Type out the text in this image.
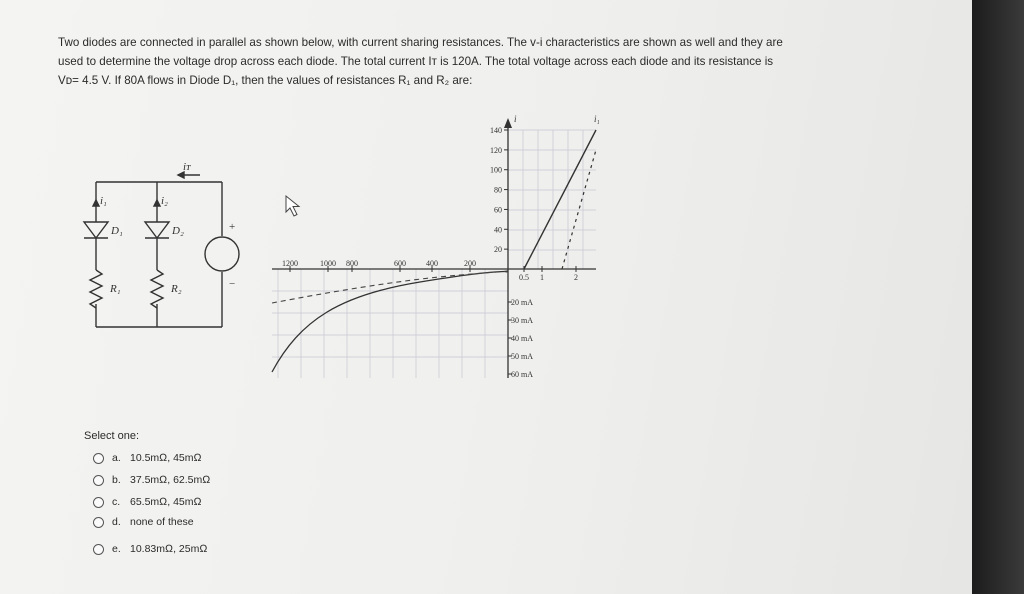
Two diodes are connected in parallel as shown below, with current sharing resistances. The v-i characteristics are shown as well and they are
used to determine the voltage drop across each diode. The total current Iᴛ is 120A. The total voltage across each diode and its resistance is
Vᴅ= 4.5 V. If 80A flows in Diode D₁, then the values of resistances R₁ and R₂ are:
iᴛ
i₁	i₂
D₁	D₂
R₁	R₂
+
−
140
120
100
80
60
40
20
1200	1000 800	600	400	200
0.5 1	2
20 mA
30 mA
40 mA
50 mA
60 mA
i	i₁
Select one:
a. 10.5mΩ, 45mΩ
b. 37.5mΩ, 62.5mΩ
c. 65.5mΩ, 45mΩ
d. none of these
e. 10.83mΩ, 25mΩ
